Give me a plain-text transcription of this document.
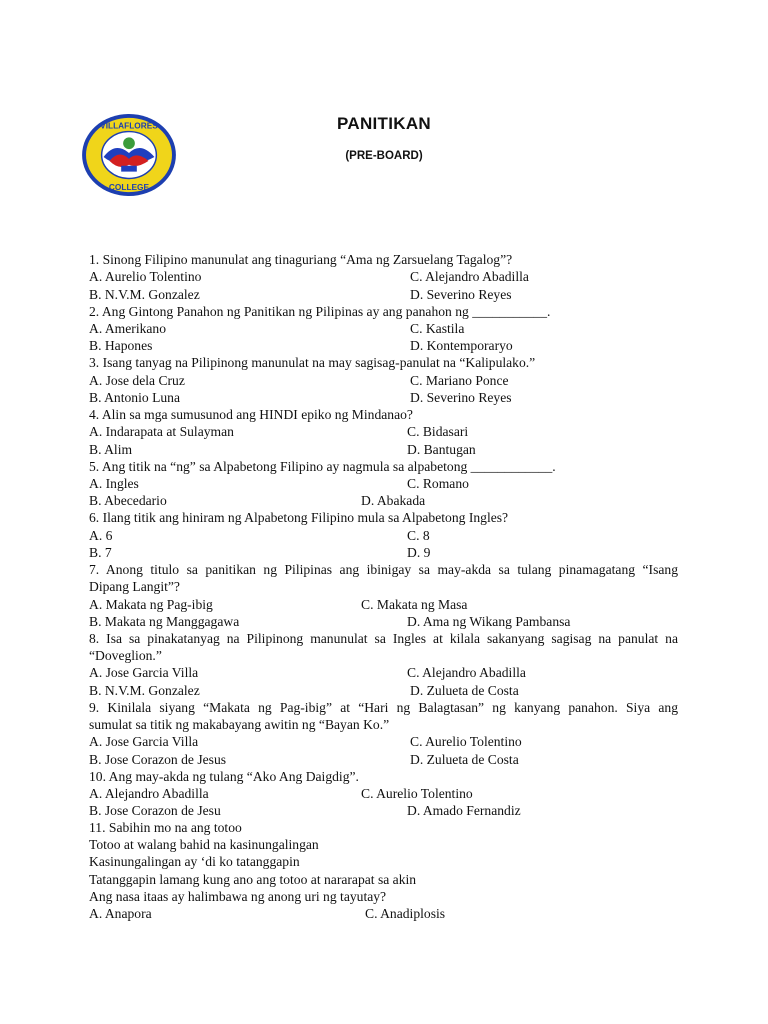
VILLAFLORES
COLLEGE
PANITIKAN
(PRE-BOARD)
1. Sinong Filipino manunulat ang tinaguriang “Ama ng Zarsuelang Tagalog”?
A. Aurelio Tolentino	C. Alejandro Abadilla
B. N.V.M. Gonzalez	D. Severino Reyes
2. Ang Gintong Panahon ng Panitikan ng Pilipinas ay ang panahon ng ___________.
A. Amerikano	C. Kastila
B. Hapones	D. Kontemporaryo
3. Isang tanyag na Pilipinong manunulat na may sagisag-panulat na “Kalipulako.”
A. Jose dela Cruz	C. Mariano Ponce
B. Antonio Luna	D. Severino Reyes
4. Alin sa mga sumusunod ang HINDI epiko ng Mindanao?
A. Indarapata at Sulayman	C. Bidasari
B. Alim	D. Bantugan
5. Ang titik na “ng” sa Alpabetong Filipino ay nagmula sa alpabetong ____________.
A. Ingles	C. Romano
B. Abecedario	D. Abakada
6. Ilang titik ang hiniram ng Alpabetong Filipino mula sa Alpabetong Ingles?
A. 6	C. 8
B. 7	D. 9
7. Anong titulo sa panitikan ng Pilipinas ang ibinigay sa may-akda sa tulang pinamagatang “Isang
Dipang Langit”?
A. Makata ng Pag-ibig	C. Makata ng Masa
B. Makata ng Manggagawa	D. Ama ng Wikang Pambansa
8. Isa sa pinakatanyag na Pilipinong manunulat sa Ingles at kilala sakanyang sagisag na panulat na
“Doveglion.”
A. Jose Garcia Villa	C. Alejandro Abadilla
B. N.V.M. Gonzalez	D. Zulueta de Costa
9. Kinilala siyang “Makata ng Pag-ibig” at “Hari ng Balagtasan” ng kanyang panahon. Siya ang
sumulat sa titik ng makabayang awitin ng “Bayan Ko.”
A. Jose Garcia Villa	C. Aurelio Tolentino
B. Jose Corazon de Jesus	D. Zulueta de Costa
10. Ang may-akda ng tulang “Ako Ang Daigdig”.
A. Alejandro Abadilla	C. Aurelio Tolentino
B. Jose Corazon de Jesu	D. Amado Fernandiz
11. Sabihin mo na ang totoo
Totoo at walang bahid na kasinungalingan
Kasinungalingan ay ‘di ko tatanggapin
Tatanggapin lamang kung ano ang totoo at nararapat sa akin
Ang nasa itaas ay halimbawa ng anong uri ng tayutay?
A. Anapora	C. Anadiplosis
